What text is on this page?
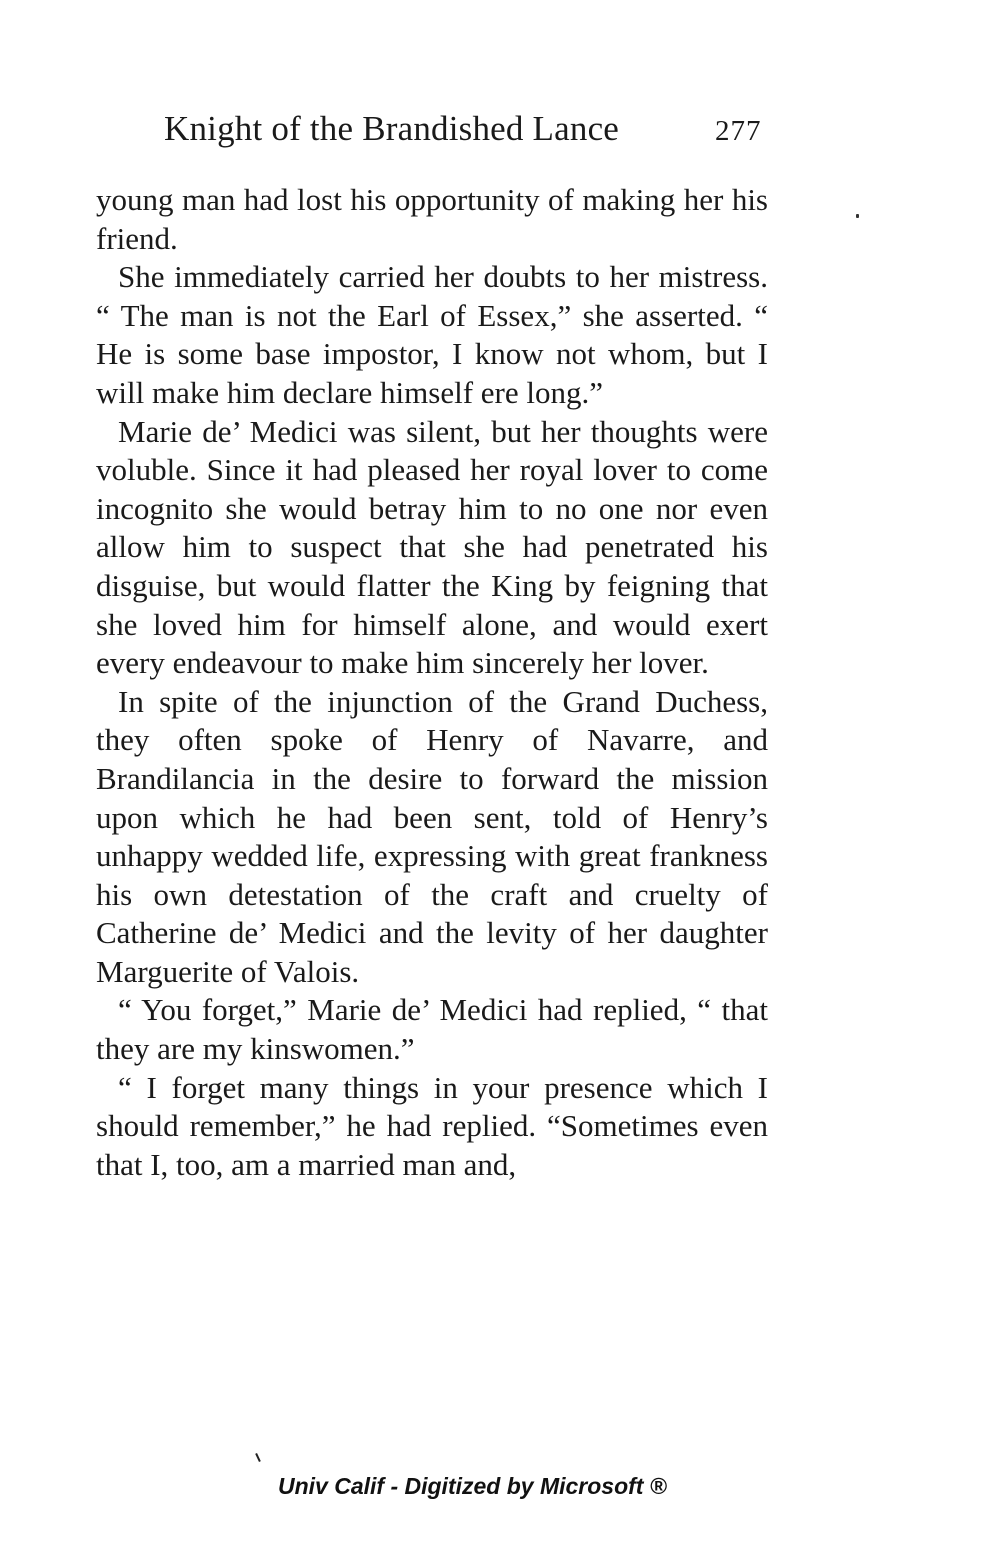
Knight of the Brandished Lance	277

young man had lost his opportunity of making her his friend.

She immediately carried her doubts to her mistress. “ The man is not the Earl of Essex,” she asserted. “ He is some base impostor, I know not whom, but I will make him declare himself ere long.”

Marie de’ Medici was silent, but her thoughts were voluble. Since it had pleased her royal lover to come incognito she would betray him to no one nor even allow him to suspect that she had penetrated his disguise, but would flatter the King by feigning that she loved him for himself alone, and would exert every endeavour to make him sincerely her lover.

In spite of the injunction of the Grand Duchess, they often spoke of Henry of Navarre, and Brandilancia in the desire to forward the mission upon which he had been sent, told of Henry’s unhappy wedded life, expressing with great frankness his own detestation of the craft and cruelty of Catherine de’ Medici and the levity of her daughter Marguerite of Valois.

“ You forget,” Marie de’ Medici had replied, “ that they are my kinswomen.”

“ I forget many things in your presence which I should remember,” he had replied. “Sometimes even that I, too, am a married man and,

Univ Calif - Digitized by Microsoft ®
